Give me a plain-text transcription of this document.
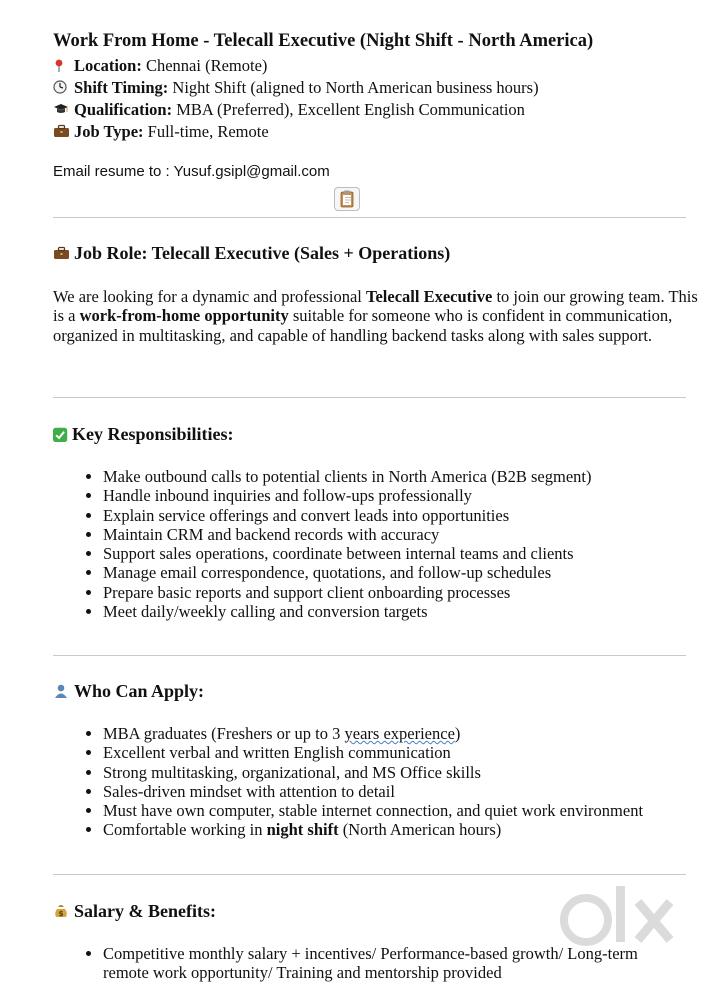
Work From Home - Telecall Executive (Night Shift - North America)
Location: Chennai (Remote)
Shift Timing: Night Shift (aligned to North American business hours)
Qualification: MBA (Preferred), Excellent English Communication
Job Type: Full-time, Remote
Email resume to : Yusuf.gsipl@gmail.com
Job Role: Telecall Executive (Sales + Operations)
We are looking for a dynamic and professional Telecall Executive to join our growing team. This is a work-from-home opportunity suitable for someone who is confident in communication, organized in multitasking, and capable of handling backend tasks along with sales support.
Key Responsibilities:
• Make outbound calls to potential clients in North America (B2B segment)
• Handle inbound inquiries and follow-ups professionally
• Explain service offerings and convert leads into opportunities
• Maintain CRM and backend records with accuracy
• Support sales operations, coordinate between internal teams and clients
• Manage email correspondence, quotations, and follow-up schedules
• Prepare basic reports and support client onboarding processes
• Meet daily/weekly calling and conversion targets
Who Can Apply:
• MBA graduates (Freshers or up to 3 years experience)
• Excellent verbal and written English communication
• Strong multitasking, organizational, and MS Office skills
• Sales-driven mindset with attention to detail
• Must have own computer, stable internet connection, and quiet work environment
• Comfortable working in night shift (North American hours)
$ Salary & Benefits:
• Competitive monthly salary + incentives/ Performance-based growth/ Long-term remote work opportunity/ Training and mentorship provided
